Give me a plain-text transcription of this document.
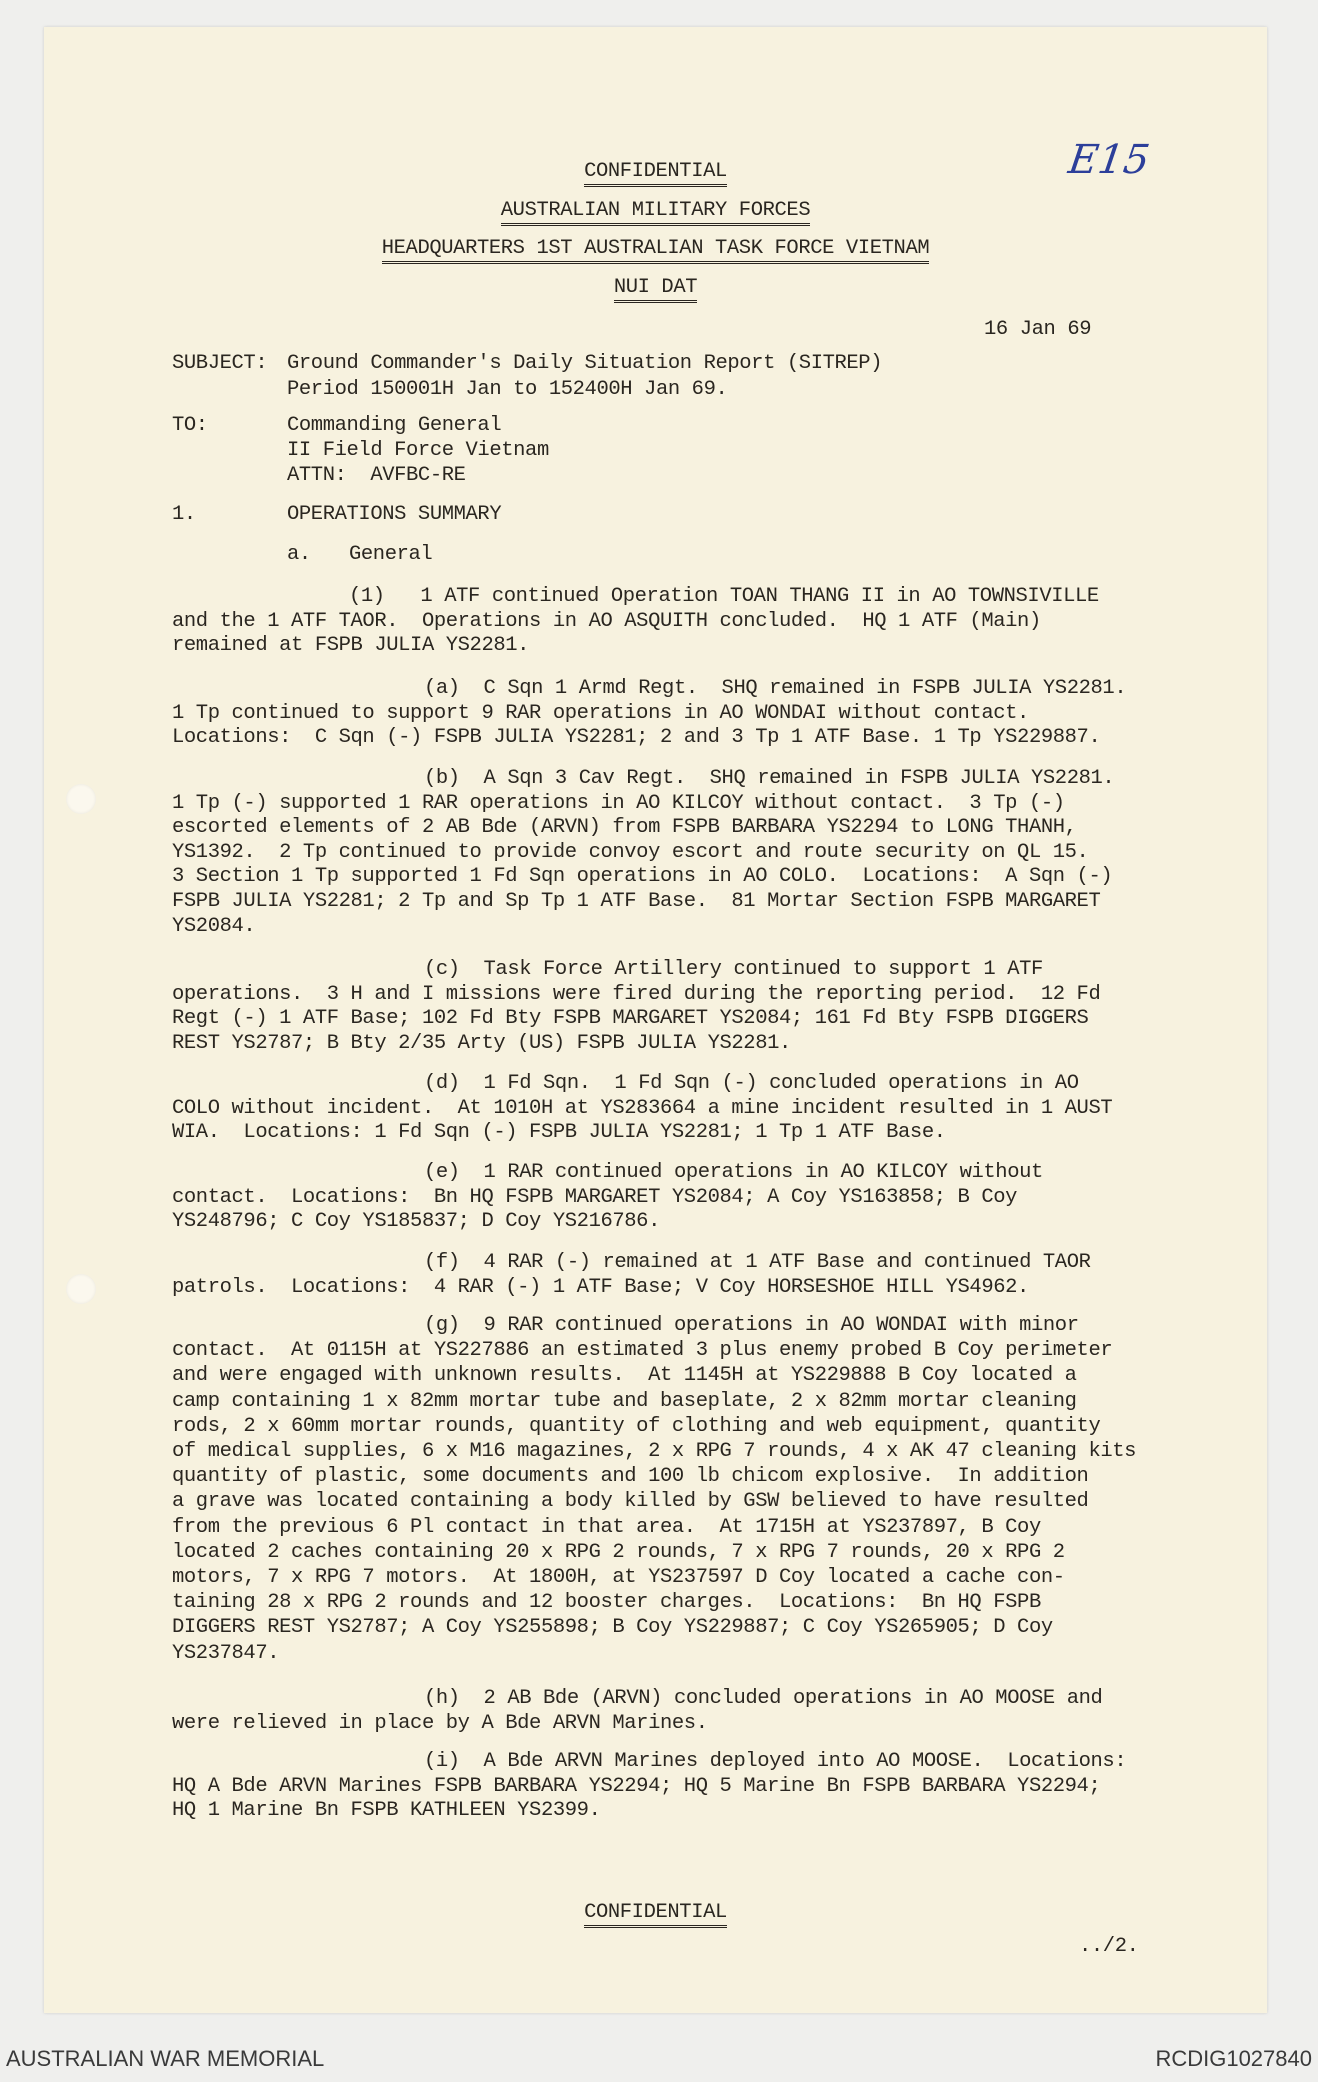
E15
CONFIDENTIAL
AUSTRALIAN MILITARY FORCES
HEADQUARTERS 1ST AUSTRALIAN TASK FORCE VIETNAM
NUI DAT
16 Jan 69
SUBJECT: Ground Commander's Daily Situation Report (SITREP)
Period 150001H Jan to 152400H Jan 69.
TO:	Commanding General
II Field Force Vietnam
ATTN:  AVFBC-RE
1.	OPERATIONS SUMMARY
a. General
(1)   1 ATF continued Operation TOAN THANG II in AO TOWNSIVILLE
and the 1 ATF TAOR.  Operations in AO ASQUITH concluded.  HQ 1 ATF (Main)
remained at FSPB JULIA YS2281.
(a)  C Sqn 1 Armd Regt.  SHQ remained in FSPB JULIA YS2281.
1 Tp continued to support 9 RAR operations in AO WONDAI without contact.
Locations:  C Sqn (-) FSPB JULIA YS2281; 2 and 3 Tp 1 ATF Base. 1 Tp YS229887.
(b)  A Sqn 3 Cav Regt.  SHQ remained in FSPB JULIA YS2281.
1 Tp (-) supported 1 RAR operations in AO KILCOY without contact.  3 Tp (-)
escorted elements of 2 AB Bde (ARVN) from FSPB BARBARA YS2294 to LONG THANH,
YS1392.  2 Tp continued to provide convoy escort and route security on QL 15.
3 Section 1 Tp supported 1 Fd Sqn operations in AO COLO.  Locations:  A Sqn (-)
FSPB JULIA YS2281; 2 Tp and Sp Tp 1 ATF Base.  81 Mortar Section FSPB MARGARET
YS2084.
(c)  Task Force Artillery continued to support 1 ATF
operations.  3 H and I missions were fired during the reporting period.  12 Fd
Regt (-) 1 ATF Base; 102 Fd Bty FSPB MARGARET YS2084; 161 Fd Bty FSPB DIGGERS
REST YS2787; B Bty 2/35 Arty (US) FSPB JULIA YS2281.
(d)  1 Fd Sqn.  1 Fd Sqn (-) concluded operations in AO
COLO without incident.  At 1010H at YS283664 a mine incident resulted in 1 AUST
WIA.  Locations: 1 Fd Sqn (-) FSPB JULIA YS2281; 1 Tp 1 ATF Base.
(e)  1 RAR continued operations in AO KILCOY without
contact.  Locations:  Bn HQ FSPB MARGARET YS2084; A Coy YS163858; B Coy
YS248796; C Coy YS185837; D Coy YS216786.
(f)  4 RAR (-) remained at 1 ATF Base and continued TAOR
patrols.  Locations:  4 RAR (-) 1 ATF Base; V Coy HORSESHOE HILL YS4962.
(g)  9 RAR continued operations in AO WONDAI with minor
contact.  At 0115H at YS227886 an estimated 3 plus enemy probed B Coy perimeter
and were engaged with unknown results.  At 1145H at YS229888 B Coy located a
camp containing 1 x 82mm mortar tube and baseplate, 2 x 82mm mortar cleaning
rods, 2 x 60mm mortar rounds, quantity of clothing and web equipment, quantity
of medical supplies, 6 x M16 magazines, 2 x RPG 7 rounds, 4 x AK 47 cleaning kits
quantity of plastic, some documents and 100 lb chicom explosive.  In addition
a grave was located containing a body killed by GSW believed to have resulted
from the previous 6 Pl contact in that area.  At 1715H at YS237897, B Coy
located 2 caches containing 20 x RPG 2 rounds, 7 x RPG 7 rounds, 20 x RPG 2
motors, 7 x RPG 7 motors.  At 1800H, at YS237597 D Coy located a cache con-
taining 28 x RPG 2 rounds and 12 booster charges.  Locations:  Bn HQ FSPB
DIGGERS REST YS2787; A Coy YS255898; B Coy YS229887; C Coy YS265905; D Coy
YS237847.
(h)  2 AB Bde (ARVN) concluded operations in AO MOOSE and
were relieved in place by A Bde ARVN Marines.
(i)  A Bde ARVN Marines deployed into AO MOOSE.  Locations:
HQ A Bde ARVN Marines FSPB BARBARA YS2294; HQ 5 Marine Bn FSPB BARBARA YS2294;
HQ 1 Marine Bn FSPB KATHLEEN YS2399.
CONFIDENTIAL
../2.
AUSTRALIAN WAR MEMORIAL	RCDIG1027840
